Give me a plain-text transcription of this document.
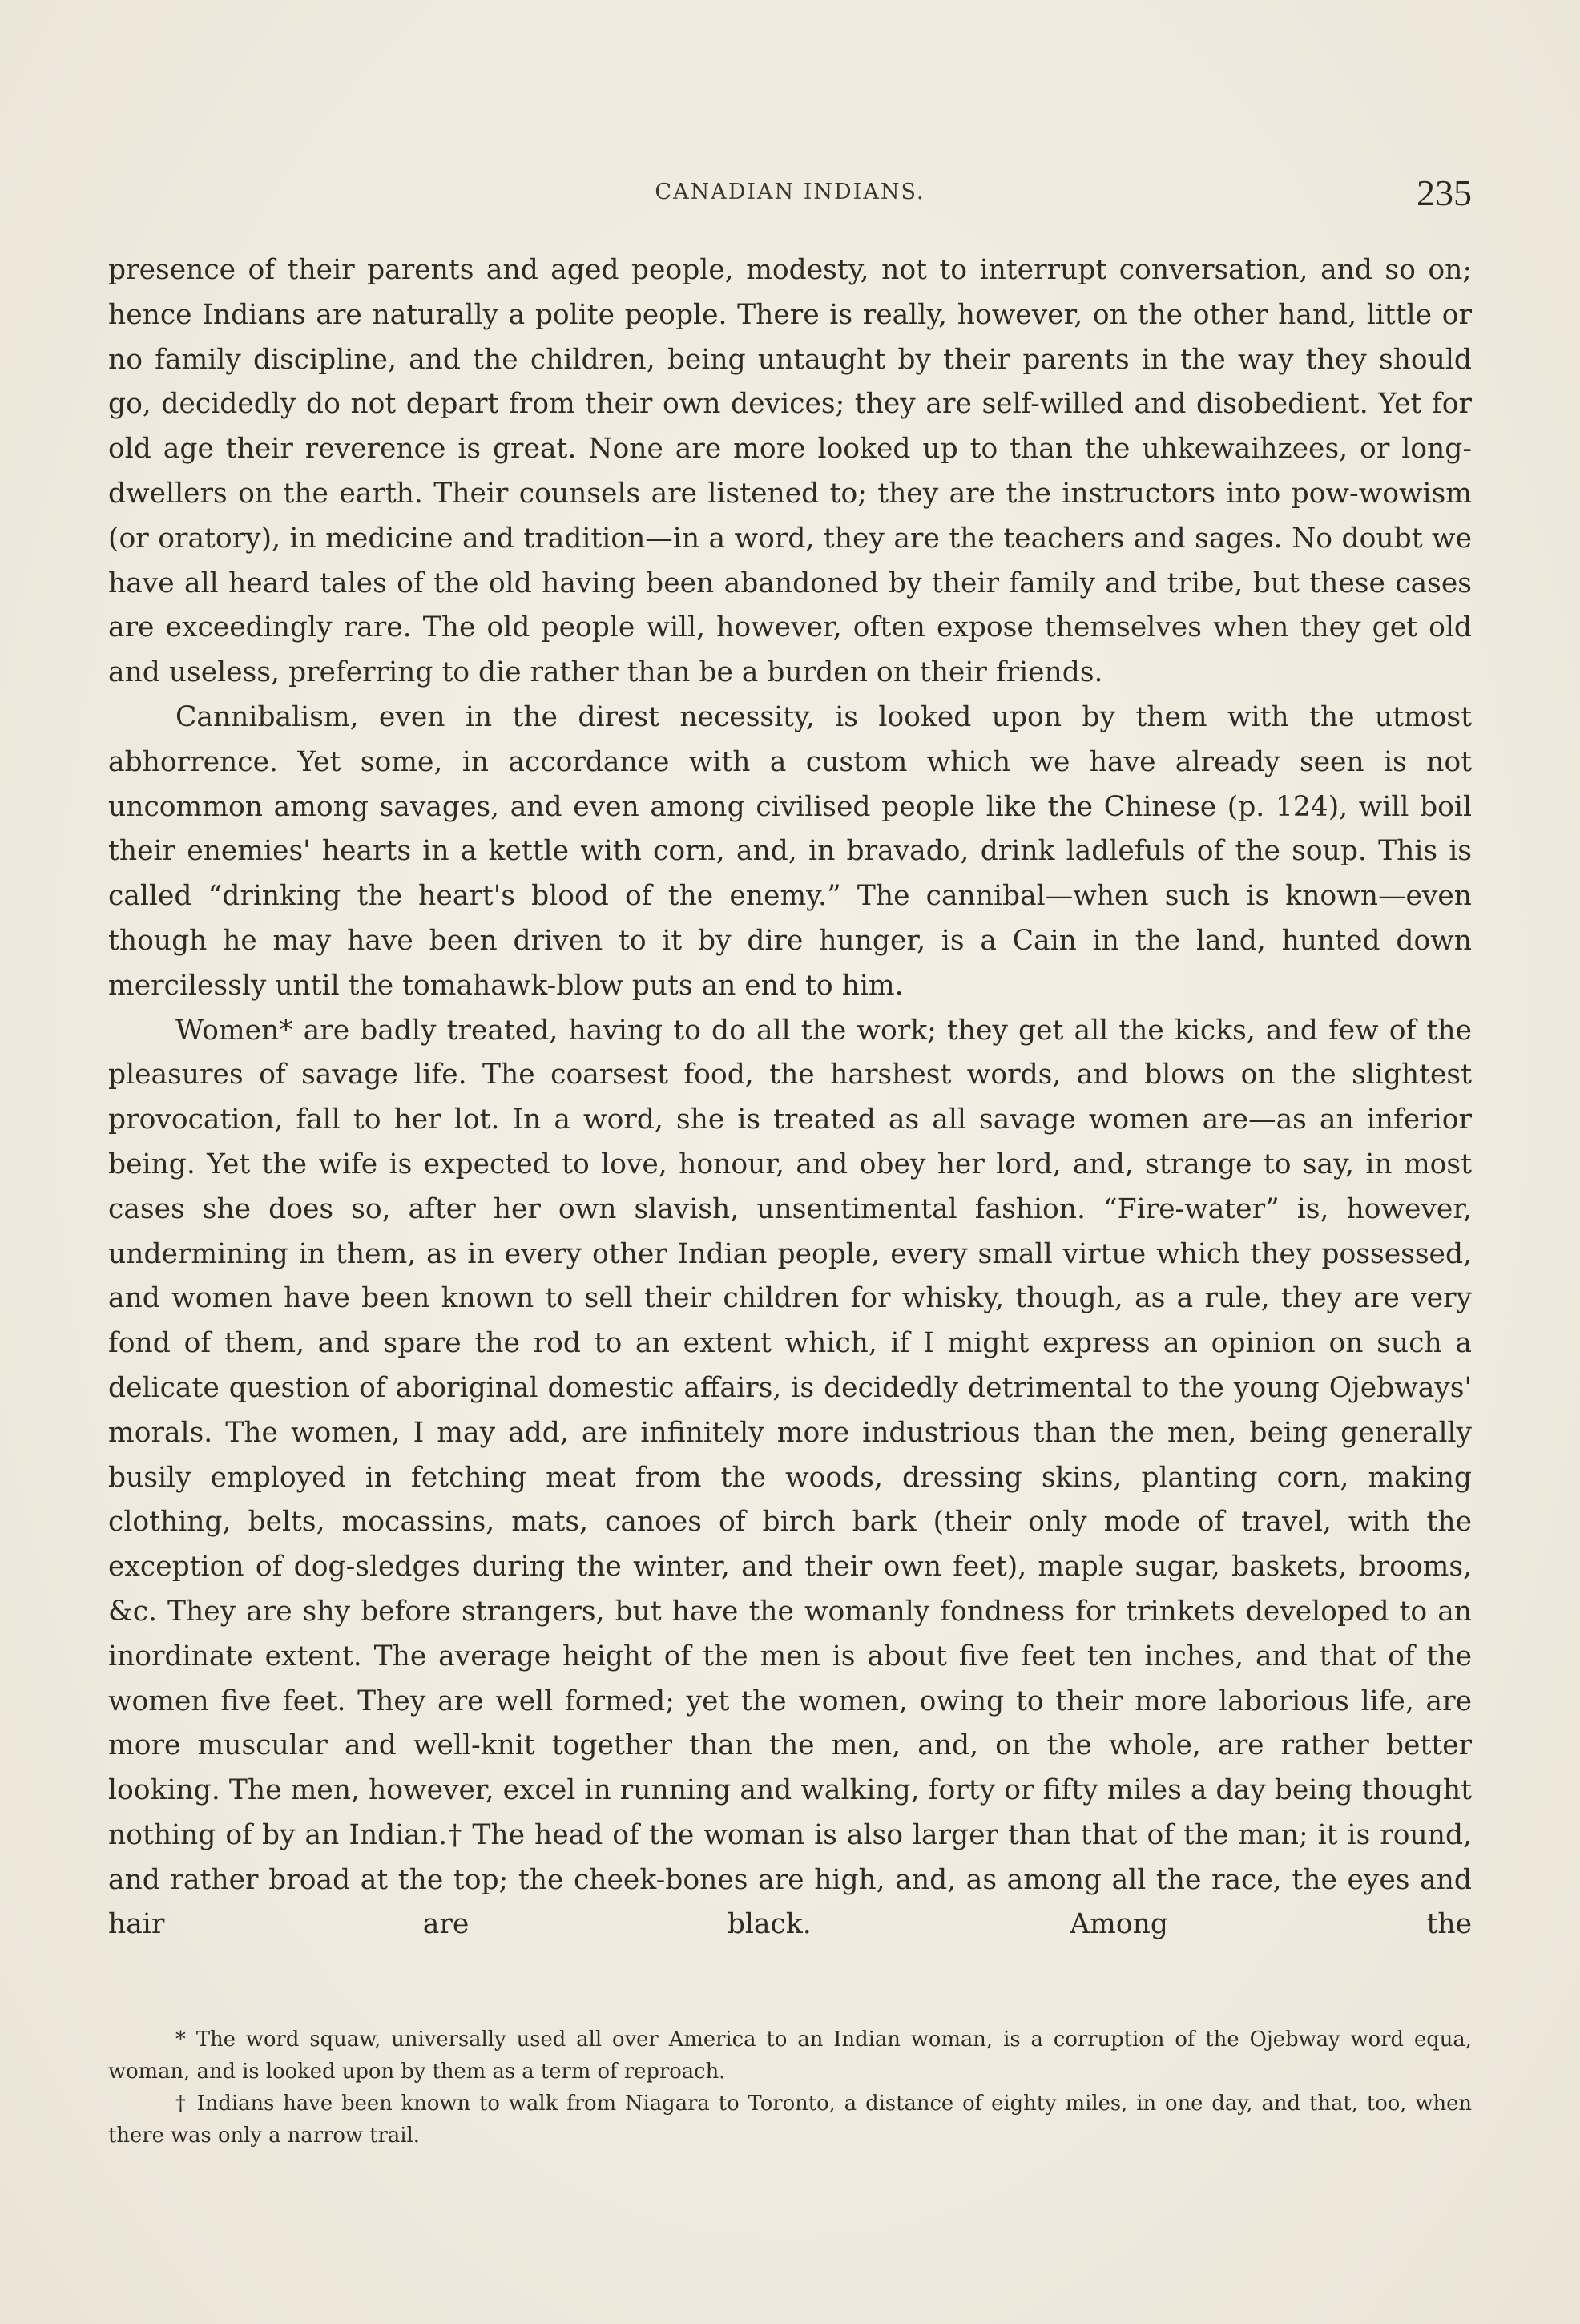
CANADIAN INDIANS.	235

presence of their parents and aged people, modesty, not to interrupt conversation, and so on; hence Indians are naturally a polite people. There is really, however, on the other hand, little or no family discipline, and the children, being untaught by their parents in the way they should go, decidedly do not depart from their own devices; they are self-willed and disobedient. Yet for old age their reverence is great. None are more looked up to than the uhkewaihzees, or long-dwellers on the earth. Their counsels are listened to; they are the instructors into pow-wowism (or oratory), in medicine and tradition—in a word, they are the teachers and sages. No doubt we have all heard tales of the old having been abandoned by their family and tribe, but these cases are exceedingly rare. The old people will, however, often expose themselves when they get old and useless, preferring to die rather than be a burden on their friends.

Cannibalism, even in the direst necessity, is looked upon by them with the utmost abhorrence. Yet some, in accordance with a custom which we have already seen is not uncommon among savages, and even among civilised people like the Chinese (p. 124), will boil their enemies' hearts in a kettle with corn, and, in bravado, drink ladlefuls of the soup. This is called “drinking the heart's blood of the enemy.” The cannibal—when such is known—even though he may have been driven to it by dire hunger, is a Cain in the land, hunted down mercilessly until the tomahawk-blow puts an end to him.

Women* are badly treated, having to do all the work; they get all the kicks, and few of the pleasures of savage life. The coarsest food, the harshest words, and blows on the slightest provocation, fall to her lot. In a word, she is treated as all savage women are—as an inferior being. Yet the wife is expected to love, honour, and obey her lord, and, strange to say, in most cases she does so, after her own slavish, unsentimental fashion. “Fire-water” is, however, undermining in them, as in every other Indian people, every small virtue which they possessed, and women have been known to sell their children for whisky, though, as a rule, they are very fond of them, and spare the rod to an extent which, if I might express an opinion on such a delicate question of aboriginal domestic affairs, is decidedly detrimental to the young Ojebways' morals. The women, I may add, are infinitely more industrious than the men, being generally busily employed in fetching meat from the woods, dressing skins, planting corn, making clothing, belts, mocassins, mats, canoes of birch bark (their only mode of travel, with the exception of dog-sledges during the winter, and their own feet), maple sugar, baskets, brooms, &c. They are shy before strangers, but have the womanly fondness for trinkets developed to an inordinate extent. The average height of the men is about five feet ten inches, and that of the women five feet. They are well formed; yet the women, owing to their more laborious life, are more muscular and well-knit together than the men, and, on the whole, are rather better looking. The men, however, excel in running and walking, forty or fifty miles a day being thought nothing of by an Indian.† The head of the woman is also larger than that of the man; it is round, and rather broad at the top; the cheek-bones are high, and, as among all the race, the eyes and hair are black. Among the

* The word squaw, universally used all over America to an Indian woman, is a corruption of the Ojebway word equa, woman, and is looked upon by them as a term of reproach.

† Indians have been known to walk from Niagara to Toronto, a distance of eighty miles, in one day, and that, too, when there was only a narrow trail.
